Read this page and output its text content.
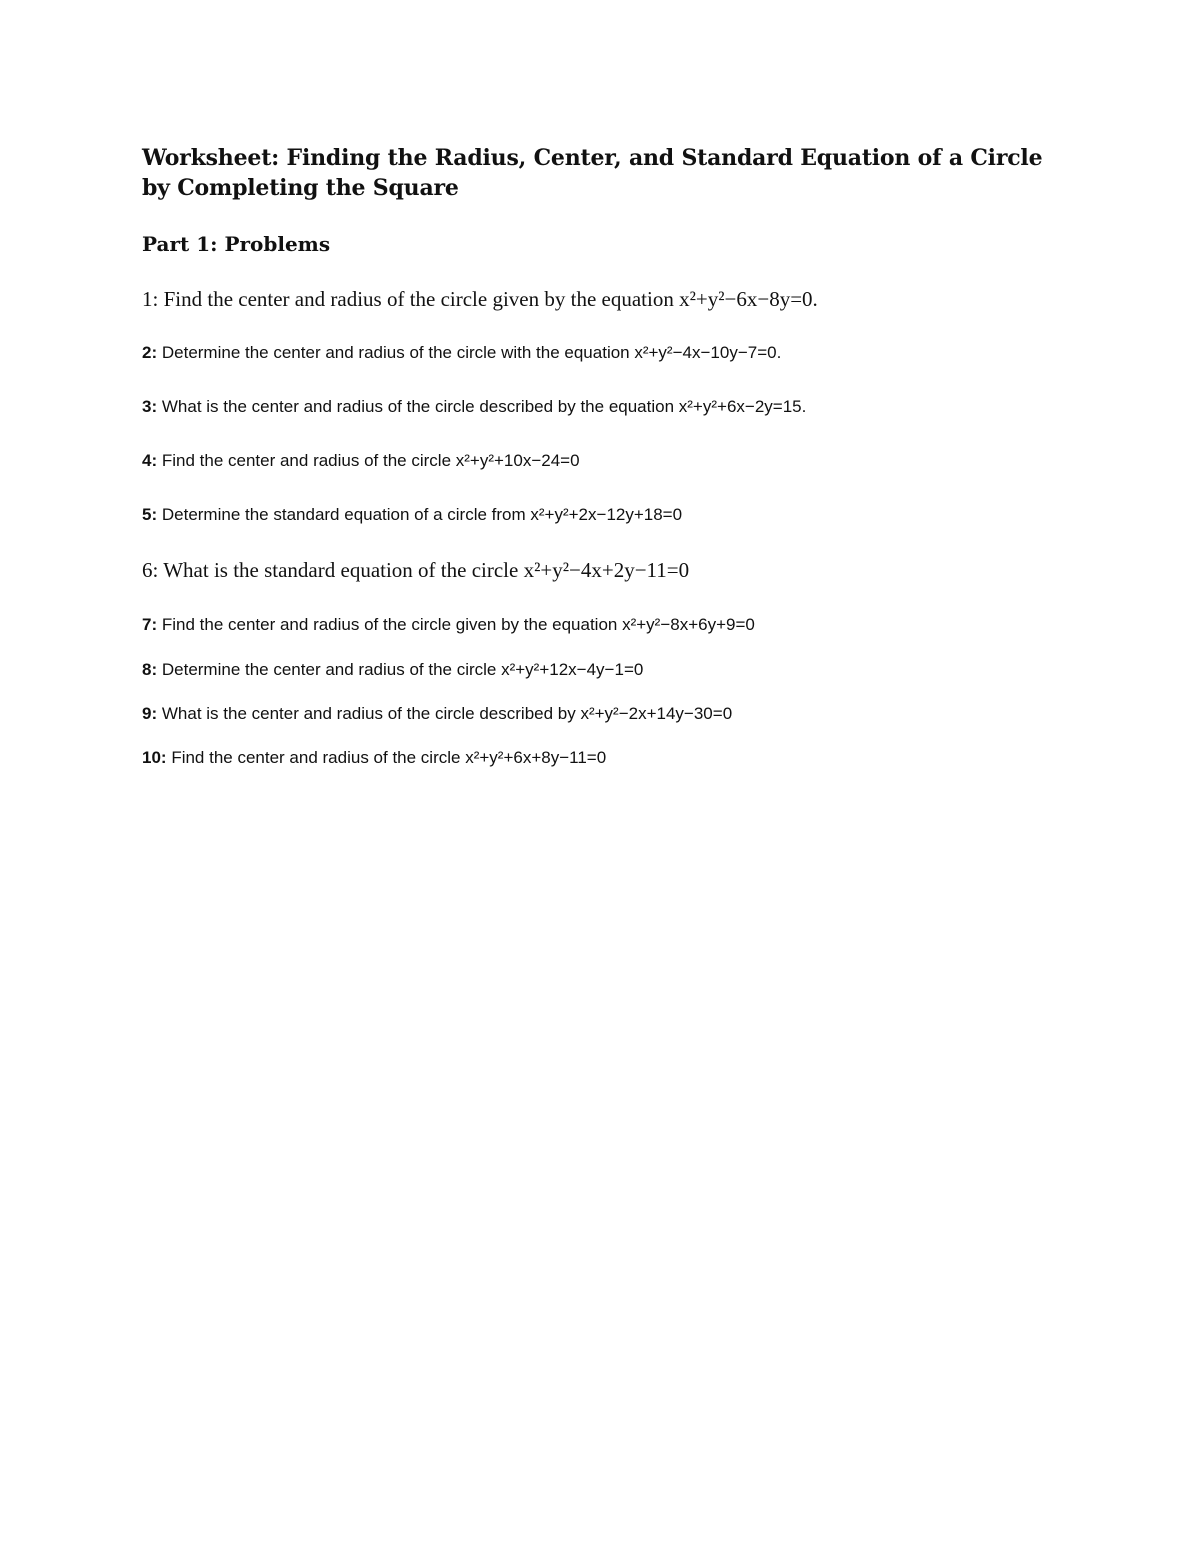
Worksheet: Finding the Radius, Center, and Standard Equation of a Circle by Completing the Square
Part 1: Problems

1: Find the center and radius of the circle given by the equation x²+y²−6x−8y=0.

2: Determine the center and radius of the circle with the equation x²+y²−4x−10y−7=0.

3: What is the center and radius of the circle described by the equation x²+y²+6x−2y=15.

4: Find the center and radius of the circle x²+y²+10x−24=0

5: Determine the standard equation of a circle from x²+y²+2x−12y+18=0

6: What is the standard equation of the circle x²+y²−4x+2y−11=0

7: Find the center and radius of the circle given by the equation x²+y²−8x+6y+9=0

8: Determine the center and radius of the circle x²+y²+12x−4y−1=0

9: What is the center and radius of the circle described by x²+y²−2x+14y−30=0

10: Find the center and radius of the circle x²+y²+6x+8y−11=0
